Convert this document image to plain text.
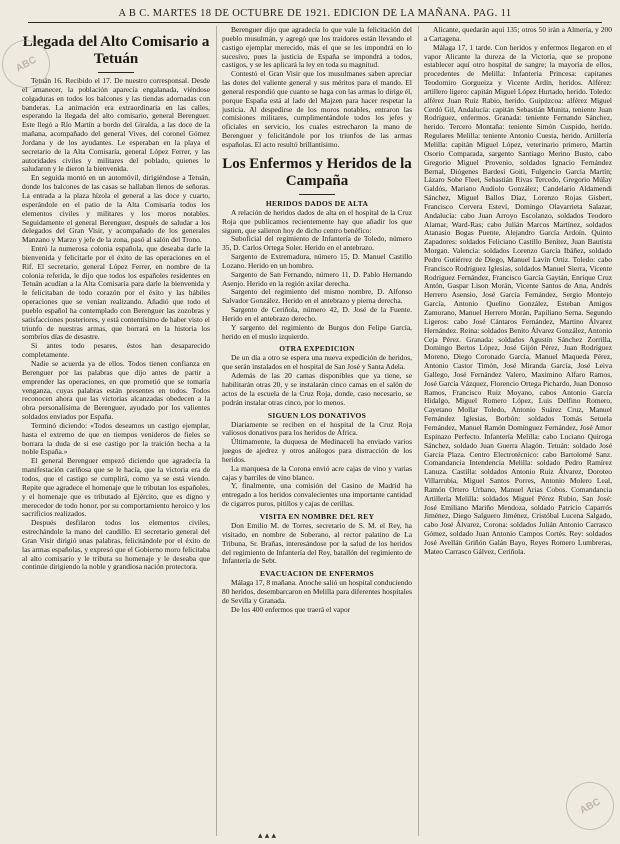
A B C. MARTES 18 DE OCTUBRE DE 1921. EDICION DE LA MAÑANA. PAG. 11
Llegada del Alto Comisario a Tetuán

Tetuán 16. Recibido el 17. De nuestro corresponsal. Desde el amanecer, la población aparecía engalanada, viéndose colgaduras en todos los balcones y las tiendas adornadas con banderas. La animación era extraordinaria en las calles, esperando la llegada del alto comisario, general Berenguer. Este llegó a Río Martín a bordo del Giralda, a las doce de la mañana, acompañado del general Vives, del coronel Gómez Jordana y de los ayudantes. Le esperaban en la playa el secretario de la Alta Comisaría, general López Ferrer, y las autoridades civiles y militares del poblado, quienes le saludaron y le dieron la bienvenida.

En seguida montó en un automóvil, dirigiéndose a Tetuán, donde los balcones de las casas se hallaban llenos de señoras. La entrada a la plaza hízola el general a las doce y cuarto, esperándole en el patio de la Alta Comisaría todos los elementos civiles y militares y los moros notables. Seguidamente el general Berenguer, después de saludar a los delegados del Gran Visir, y acompañado de los generales Manzano y Marzo y jefe de la zona, pasó al salón del Trono.

Entró la numerosa colonia española, que deseaba darle la bienvenida y felicitarle por el éxito de las operaciones en el Rif. El secretario, general López Ferrer, en nombre de la colonia referida, le dijo que todos los españoles residentes en Tetuán acudían a la Alta Comisaría para darle la bienvenida y le felicitaban de todo corazón por el éxito y las hábiles operaciones que se venían realizando. Añadió que todo el pueblo español ha contemplado con Berenguer las zozobras y satisfacciones posteriores, y está contentísimo de haber visto el triunfo de nuestras armas, que borrará en la historia los sombríos días de desastre.

Si antes todo pesares, éstos han desaparecido completamente.

Nadie se acuerda ya de ellos. Todos tienen confianza en Berenguer por las palabras que dijo antes de partir a emprender las operaciones, en que prometió que se tomaría venganza, cuyas palabras están presentes en todos. Todos reconocen ahora que las victorias alcanzadas obedecen a la obra personalísima de Berenguer, ayudado por los valientes soldados enviados por España.

Terminó diciendo: «Todos deseamos un castigo ejemplar, hasta el extremo de que en tiempos venideros de fieles se borrara la duda de si ese castigo por la traición hecha a la noble España.»

El general Berenguer empezó diciendo que agradecía la manifestación cariñosa que se le hacía, que la victoria era de todos, que el castigo se cumplirá, como ya se está viendo. Repite que agradece el homenaje que le tributan los españoles, y el homenaje que es tributado al Ejército, que es digno y merecedor de todo honor, por su comportamiento heroico y los sacrificios realizados.

Después desfilaron todos los elementos civiles, estrechándole la mano del caudillo. El secretario general del Gran Visir dirigió unas palabras, felicitándole por el éxito de las armas españolas, y expresó que el Gobierno moro felicitaba al alto comisario y le tributa su homenaje y le deseaba que continúe dirigiendo la noble y grandiosa nación protectora.

Berenguer dijo que agradecía lo que vale la felicitación del pueblo musulmán, y agregó que los traidores están llevando el castigo ejemplar merecido, más el que se les impondrá en lo sucesivo, pues la justicia de España se impondrá a todos, castigos, y se les aplicará la ley en toda su magnitud.

Contestó el Gran Visir que los musulmanes saben apreciar las dotes del valiente general y sus méritos para el mando. El general respondió que cuanto se haga con las armas lo dirige él, porque España está al lado del Majzen para hacer respetar la justicia. Al despedirse de los moros notables, entraron las comisiones militares, cumplimentándole todos los jefes y oficiales en servicio, los cuales estrecharon la mano de Berenguer y felicitándole por los triunfos de las armas españolas. El acto resultó brillantísimo.

Los Enfermos y Heridos de la Campaña
HERIDOS DADOS DE ALTA

A relación de heridos dados de alta en el hospital de la Cruz Roja que publicamos recientemente hay que añadir los que siguen, que salieron hoy de dicho centro benéfico:

Suboficial del regimiento de Infantería de Toledo, número 35, D. Carlos Ortega Soler. Herido en el antebrazo.

Sargento de Extremadura, número 15, D. Manuel Castillo Lozano. Herido en un hombro.

Sargento de San Fernando, número 11, D. Pablo Hernando Asenjo. Herido en la región axilar derecha.

Sargento del regimiento del mismo nombre, D. Alfonso Salvador González. Herido en el antebrazo y pierna derecha.

Sargento de Ceriñola, número 42, D. José de la Fuente. Herido en el antebrazo derecho.

Y sargento del regimiento de Burgos don Felipe García, herido en el muslo izquierdo.

OTRA EXPEDICION

De un día a otro se espera una nueva expedición de heridos, que serán instalados en el hospital de San José y Santa Adela.

Además de las 20 camas disponibles que ya tiene, se habilitarán otras 20, y se instalarán cinco camas en el salón de actos de la escuela de la Cruz Roja, donde, caso necesario, se podrán instalar otras cinco, por lo menos.

SIGUEN LOS DONATIVOS

Diariamente se reciben en el hospital de la Cruz Roja valiosos donativos para los heridos de África.

Últimamente, la duquesa de Medinaceli ha enviado varios juegos de ajedrez y otros análogos para distracción de los heridos.

La marquesa de la Corona envió acre cajas de vino y varias cajas y barriles de vino blanco.

Y, finalmente, una comisión del Casino de Madrid ha entregado a los heridos convalecientes una importante cantidad de cigarros puros, pitillos y cajas de cerillas.

VISITA EN NOMBRE DEL REY

Don Emilio M. de Torres, secretario de S. M. el Rey, ha visitado, en nombre de Soberano, al rector palatino de La Tribuna, Sr. Brañas, interesándose por la salud de los heridos del regimiento de Infantería del Rey, batallón del regimiento de Infantería de Sebt.

EVACUACION DE ENFERMOS

Málaga 17, 8 mañana. Anoche salió un hospital conduciendo 80 heridos, desembarcaron en Melilla para diferentes hospitales de Sevilla y Granada.

De los 400 enfermos que traerá el vapor

Alicante, quedarán aquí 135; otros 50 irán a Almería, y 200 a Cartagena.

Málaga 17, 1 tarde. Con heridos y enfermos llegaron en el vapor Alicante la dureza de la Victoria, que se propone establecer aquí otro hospital de sangre; la mayoría de ellos, procedentes de Melilla: Infantería Princesa: capitanes Teodomiro Gorgueiza y Vicente Ardín, heridos. Alférez: artillero ligero: capitán Miguel López Hurtado, herido. Toledo: alférez Juan Ruiz Rabio, herido. Guipúzcoa: alférez Miguel Cerdó Gil, Andalucía: capitán Sebastián Munita, teniente Juan Rodríguez, enfermos. Granada: teniente Fernando Sánchez, herido. Tercero Montaña: teniente Simón Cuspido, herido. Regulares Melilla: teniente Antonio Cuesta, herido. Artillería Melilla: capitán Miguel López, veterinario primero, Martín Osorio Comparada, sargento Santiago Merino Busto, cabo Gregorio Miguel Provenio, soldados Ignacio Fernández Bernal, Diógenes Bardesí Goiti, Fulgencio García Martín; Lázaro Sobe Fleet, Sebastián Rivas Tercedo, Gregorio Múlay Galdós, Mariano Audiolo González; Candelario Aldamendi Sánchez, Miguel Ballos Díaz, Lorenzo Rojas Gisbert, Francisco Cervera Esteví, Domingo Olavarrieta Salazar, Andalucía: cabo Juan Arroyo Escolanzo, soldados Teodoro Alamar, Ward-Ras; cabo Julián Marcos Martínez, soldados Atanasio Bogas Puente, Alejandro García Ardoín. Quinto Zapadores: soldados Feliciano Castillo Benítez, Juan Bautista Morgan. Valencia: soldados Lorenzo García Ibáñez, soldado Pedro Gutiérrez de Diego, Manuel Lavín Ortiz. Toledo: cabo Francisco Rodríguez Iglesias, soldados Manuel Sierra, Vicente Rodríguez Fernández, Francisco García Gaytán, Enrique Cruz Antón, Gaspar Lison Morán, Vicente Santos de Ana, Andrés Herrero Asensio, José García Fernández, Sergio Montejo García, Antonio Quelino González, Esteban Amigos Zamorano, Manuel Herrero Morán, Papiliano Serna. Segundo Ligeros: cabo José Cántaros Fernández, Martino Álvarez Hernández. Reina: soldados Benito Álvarez González, Antonio Ceja Pérez. Granada: soldados Agustín Sánchez Zorrilla, Domingo Bertos López, José Gijón Pérez, Juan Rodríguez Moreno, Diego Coronado García, Manuel Maqueda Pérez, Antonio Castor Timón, José Miranda García, José Leiva Gallego, José Fernández Valero, Maximino Alfaro Ramos, José García Vázquez, Florencio Ortega Pichardo, Juan Donoso Ramos, Francisco Ruiz Moyano, cabos Antonio García Hidalgo, Miguel Romero López, Luis Delfino Romero, Cayetano Mollar Toledo, Antonio Suárez Cruz, Manuel Fernández Iglesias, Borbón: soldados Tomás Setuela Fernández, Manuel Ramón Domínguez Fernández, José Amor Espinazo Perfecto. Infantería Melilla: cabo Luciano Quiroga Sánchez, soldado Juan Guerra Alagón. Tetuán: soldado José García Plaza. Centro Electrotécnico: cabo Bartolomé Sanz. Comandancia Intendencia Melilla: soldado Pedro Ramírez Lanuza. Castilla: soldados Antonio Ruiz Álvarez, Doroteo Villarrubia, Miguel Santos Porres, Antonio Molero Leal, Ramón Ortero Urbano, Manuel Arias Cobos. Comandancia Artillería Melilla: soldados Miguel Pérez Rubio, San José: José Emiliano Mariño Mendoza, soldado Patricio Caparrós Jiménez, Diego Salguero Jiménez, Cristóbal Lucena Salgado, cabo José Álvarez, Corona: soldados Julián Antonio Carrasco Gómez, soldado Juan Antonio Campos Cortés. Rey: soldados José Avellán Griñón Galán Bayo, Reyes Romero Lumbreras, Mateo Carrasco Gálvez, Ceriñola.

ABC
ABC
▴ ▴ ▴
